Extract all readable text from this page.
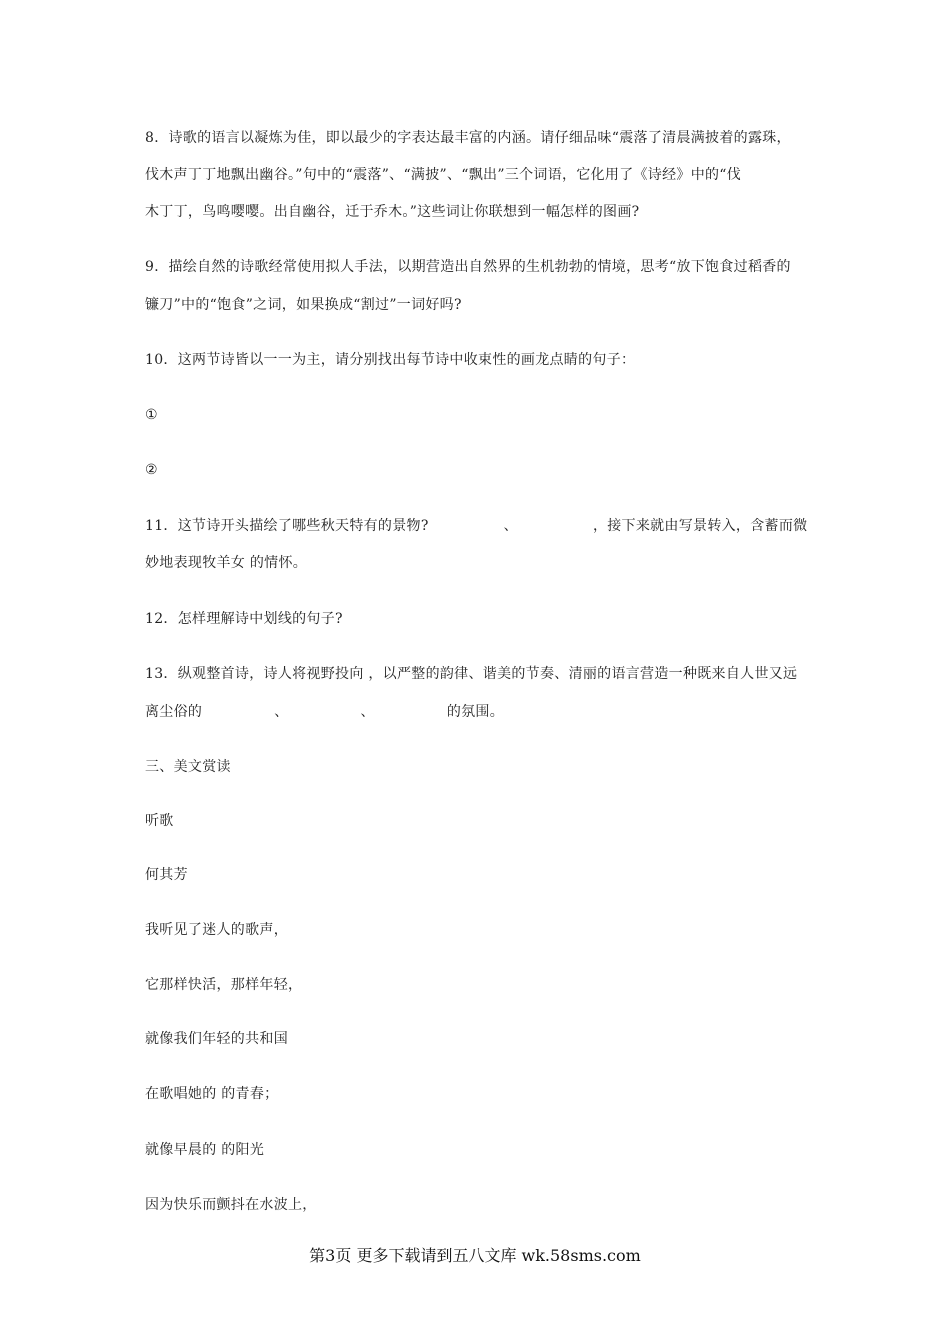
8．诗歌的语言以凝炼为佳，即以最少的字表达最丰富的内涵。请仔细品味“震落了清晨满披着的露珠，
伐木声丁丁地飘出幽谷。”句中的“震落”、“满披”、“飘出”三个词语，它化用了《诗经》中的“伐
木丁丁，鸟鸣嘤嘤。出自幽谷，迁于乔木。”这些词让你联想到一幅怎样的图画?
9．描绘自然的诗歌经常使用拟人手法，以期营造出自然界的生机勃勃的情境，思考“放下饱食过稻香的
镰刀”中的“饱食”之词，如果换成“割过”一词好吗?
10．这两节诗皆以一一为主，请分别找出每节诗中收束性的画龙点睛的句子：
①
②
11．这节诗开头描绘了哪些秋天特有的景物?	、	，接下来就由写景转入，含蓄而微
妙地表现牧羊女 的情怀。
12．怎样理解诗中划线的句子?
13．纵观整首诗，诗人将视野投向 ，以严整的韵律、谐美的节奏、清丽的语言营造一种既来自人世又远
离尘俗的	、	、	的氛围。
三、美文赏读
听歌
何其芳
我听见了迷人的歌声，
它那样快活，那样年轻，
就像我们年轻的共和国
在歌唱她的 的青春；
就像早晨的 的阳光
因为快乐而颤抖在水波上，
第3页 更多下载请到五八文库 wk.58sms.com
